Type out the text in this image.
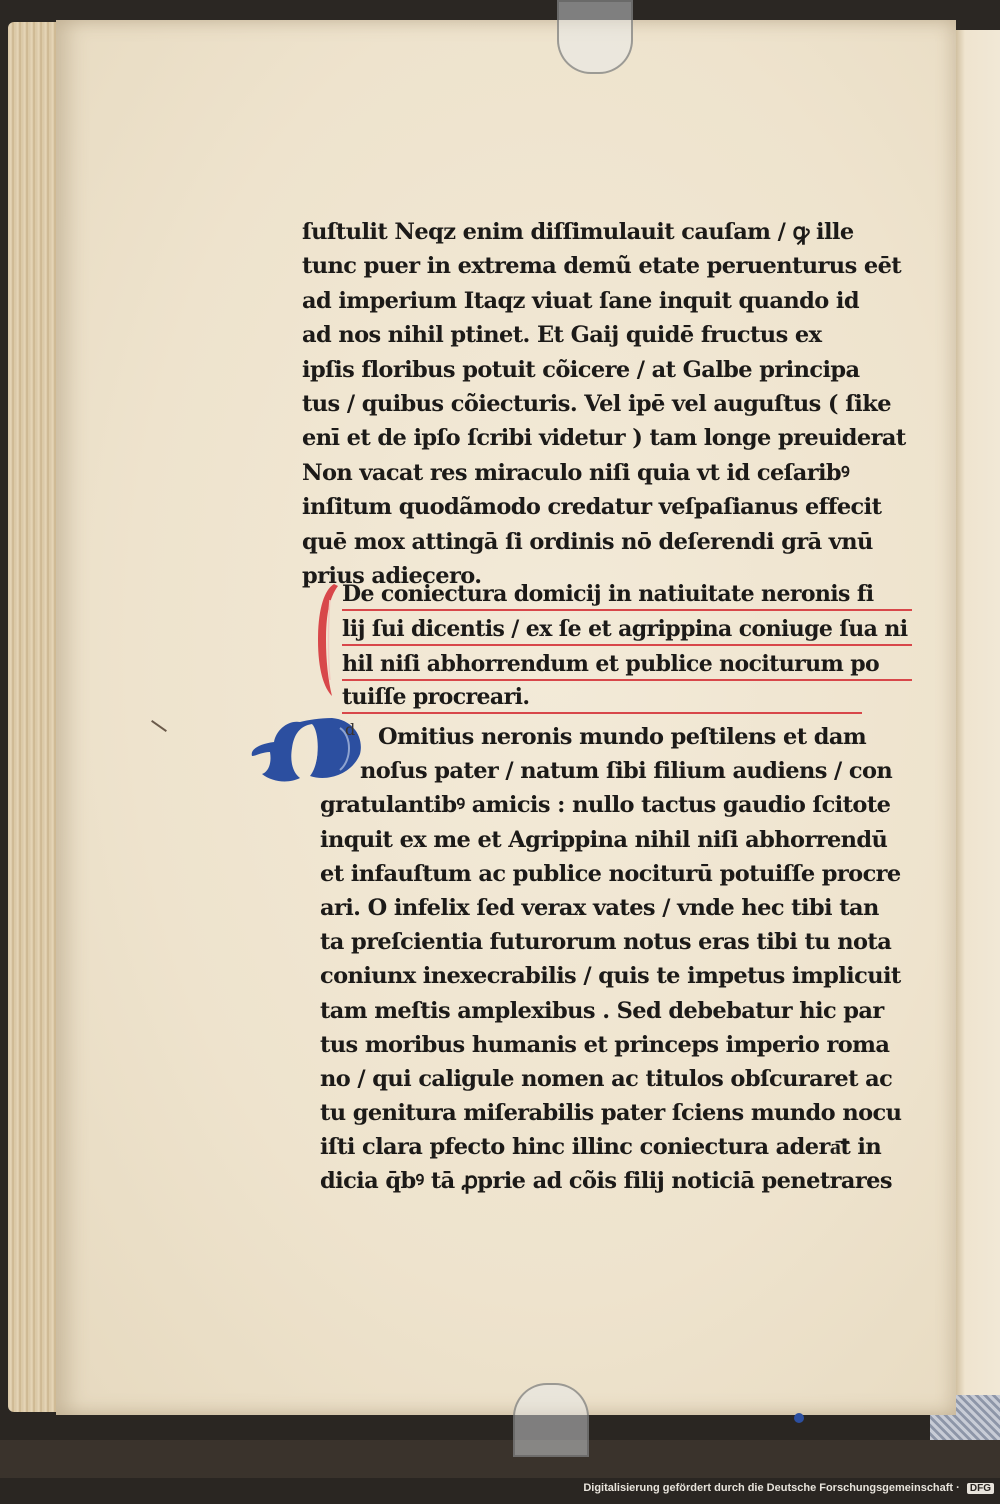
ſuſtulit Neqz enim diſſimulauit cauſam / ꝙ ille
tunc puer in extrema demũ etate peruenturus eēt
ad imperium Itaqz viuat ſane inquit quando id
ad nos nihil ptinet. Et Gaij quidē fructus ex
ipſis floribus potuit cõicere / at Galbe principa
tus / quibus cõiecturis. Vel ipē vel auguſtus ( ſike
enī et de ipſo ſcribi videtur ) tam longe preuiderat
Non vacat res miraculo niſi quia vt id ceſaribꝰ
inſitum quodãmodo credatur veſpaſianus effecit
quē mox attingā ſi ordinis nō deſerendi grā vnū
prius adiecero.
De coniectura domicij in natiuitate neronis fi
lij ſui dicentis / ex ſe et agrippina coniuge ſua ni
hil niſi abhorrendum et publice nociturum po
tuiſſe procreari.
d	Omitius neronis mundo peſtilens et dam
noſus pater / natum ſibi filium audiens / con
gratulantibꝰ amicis : nullo tactus gaudio ſcitote
inquit ex me et Agrippina nihil niſi abhorrendū
et infauſtum ac publice nociturū potuiſſe procre
ari. O infelix ſed verax vates / vnde hec tibi tan
ta preſcientia futurorum notus eras tibi tu nota
coniunx inexecrabilis / quis te impetus implicuit
tam meſtis amplexibus . Sed debebatur hic par
tus moribus humanis et princeps imperio roma
no / qui caligule nomen ac titulos obſcuraret ac
tu genitura miſerabilis pater ſciens mundo nocu
iſti clara pfecto hinc illinc coniectura adera͞t in
dicia q̄bꝰ tā ꝓprie ad cõis filij noticiā penetrares
Digitalisierung gefördert durch die Deutsche Forschungsgemeinschaft · DFG
